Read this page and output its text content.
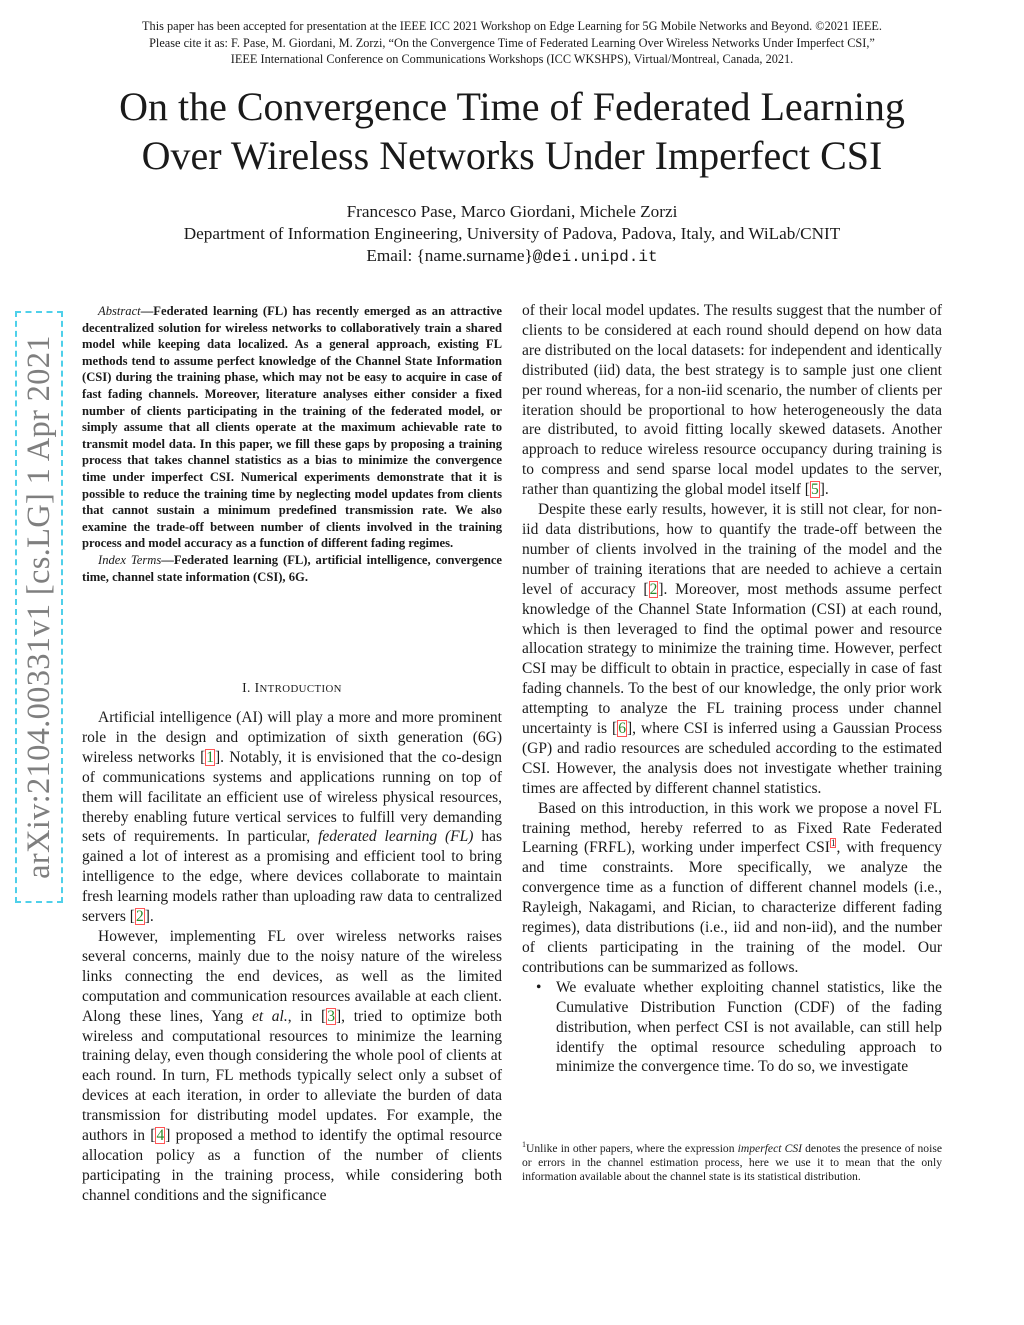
This paper has been accepted for presentation at the IEEE ICC 2021 Workshop on Edge Learning for 5G Mobile Networks and Beyond. ©2021 IEEE.
Please cite it as: F. Pase, M. Giordani, M. Zorzi, “On the Convergence Time of Federated Learning Over Wireless Networks Under Imperfect CSI,”
IEEE International Conference on Communications Workshops (ICC WKSHPS), Virtual/Montreal, Canada, 2021.
On the Convergence Time of Federated Learning
Over Wireless Networks Under Imperfect CSI
Francesco Pase, Marco Giordani, Michele Zorzi
Department of Information Engineering, University of Padova, Padova, Italy, and WiLab/CNIT
Email: {name.surname}@dei.unipd.it
arXiv:2104.00331v1 [cs.LG] 1 Apr 2021

Abstract—Federated learning (FL) has recently emerged as an attractive decentralized solution for wireless networks to collaboratively train a shared model while keeping data localized. As a general approach, existing FL methods tend to assume perfect knowledge of the Channel State Information (CSI) during the training phase, which may not be easy to acquire in case of fast fading channels. Moreover, literature analyses either consider a fixed number of clients participating in the training of the federated model, or simply assume that all clients operate at the maximum achievable rate to transmit model data. In this paper, we fill these gaps by proposing a training process that takes channel statistics as a bias to minimize the convergence time under imperfect CSI. Numerical experiments demonstrate that it is possible to reduce the training time by neglecting model updates from clients that cannot sustain a minimum predefined transmission rate. We also examine the trade-off between number of clients involved in the training process and model accuracy as a function of different fading regimes.

Index Terms—Federated learning (FL), artificial intelligence, convergence time, channel state information (CSI), 6G.

I. INTRODUCTION

Artificial intelligence (AI) will play a more and more prominent role in the design and optimization of sixth generation (6G) wireless networks [1]. Notably, it is envisioned that the co-design of communications systems and applications running on top of them will facilitate an efficient use of wireless physical resources, thereby enabling future vertical services to fulfill very demanding sets of requirements. In particular, federated learning (FL) has gained a lot of interest as a promising and efficient tool to bring intelligence to the edge, where devices collaborate to maintain fresh learning models rather than uploading raw data to centralized servers [2].

However, implementing FL over wireless networks raises several concerns, mainly due to the noisy nature of the wireless links connecting the end devices, as well as the limited computation and communication resources available at each client. Along these lines, Yang et al., in [3], tried to optimize both wireless and computational resources to minimize the learning training delay, even though considering the whole pool of clients at each round. In turn, FL methods typically select only a subset of devices at each iteration, in order to alleviate the burden of data transmission for distributing model updates. For example, the authors in [4] proposed a method to identify the optimal resource allocation policy as a function of the number of clients participating in the training process, while considering both channel conditions and the significance

of their local model updates. The results suggest that the number of clients to be considered at each round should depend on how data are distributed on the local datasets: for independent and identically distributed (iid) data, the best strategy is to sample just one client per round whereas, for a non-iid scenario, the number of clients per iteration should be proportional to how heterogeneously the data are distributed, to avoid fitting locally skewed datasets. Another approach to reduce wireless resource occupancy during training is to compress and send sparse local model updates to the server, rather than quantizing the global model itself [5].

Despite these early results, however, it is still not clear, for non-iid data distributions, how to quantify the trade-off between the number of clients involved in the training of the model and the number of training iterations that are needed to achieve a certain level of accuracy [2]. Moreover, most methods assume perfect knowledge of the Channel State Information (CSI) at each round, which is then leveraged to find the optimal power and resource allocation strategy to minimize the training time. However, perfect CSI may be difficult to obtain in practice, especially in case of fast fading channels. To the best of our knowledge, the only prior work attempting to analyze the FL training process under channel uncertainty is [6], where CSI is inferred using a Gaussian Process (GP) and radio resources are scheduled according to the estimated CSI. However, the analysis does not investigate whether training times are affected by different channel statistics.

Based on this introduction, in this work we propose a novel FL training method, hereby referred to as Fixed Rate Federated Learning (FRFL), working under imperfect CSI$^1$, with frequency and time constraints. More specifically, we analyze the convergence time as a function of different channel models (i.e., Rayleigh, Nakagami, and Rician, to characterize different fading regimes), data distributions (i.e., iid and non-iid), and the number of clients participating in the training of the model. Our contributions can be summarized as follows.

• We evaluate whether exploiting channel statistics, like the Cumulative Distribution Function (CDF) of the fading distribution, when perfect CSI is not available, can still help identify the optimal resource scheduling approach to minimize the convergence time. To do so, we investigate
$^1$Unlike in other papers, where the expression imperfect CSI denotes the presence of noise or errors in the channel estimation process, here we use it to mean that the only information available about the channel state is its statistical distribution.
